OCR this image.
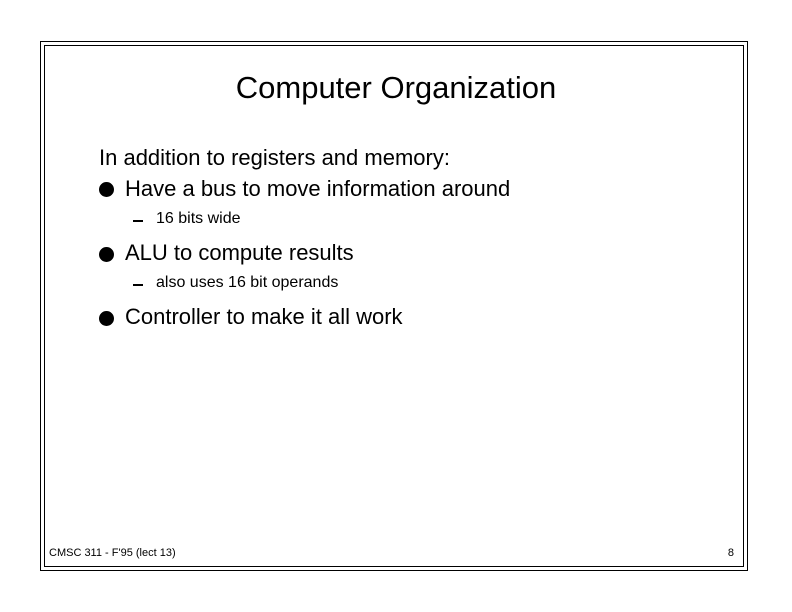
Computer Organization
In addition to registers and memory:
Have a bus to move information around
16 bits wide
ALU to compute results
also uses 16 bit operands
Controller to make it all work
CMSC 311 - F'95 (lect 13)	8
